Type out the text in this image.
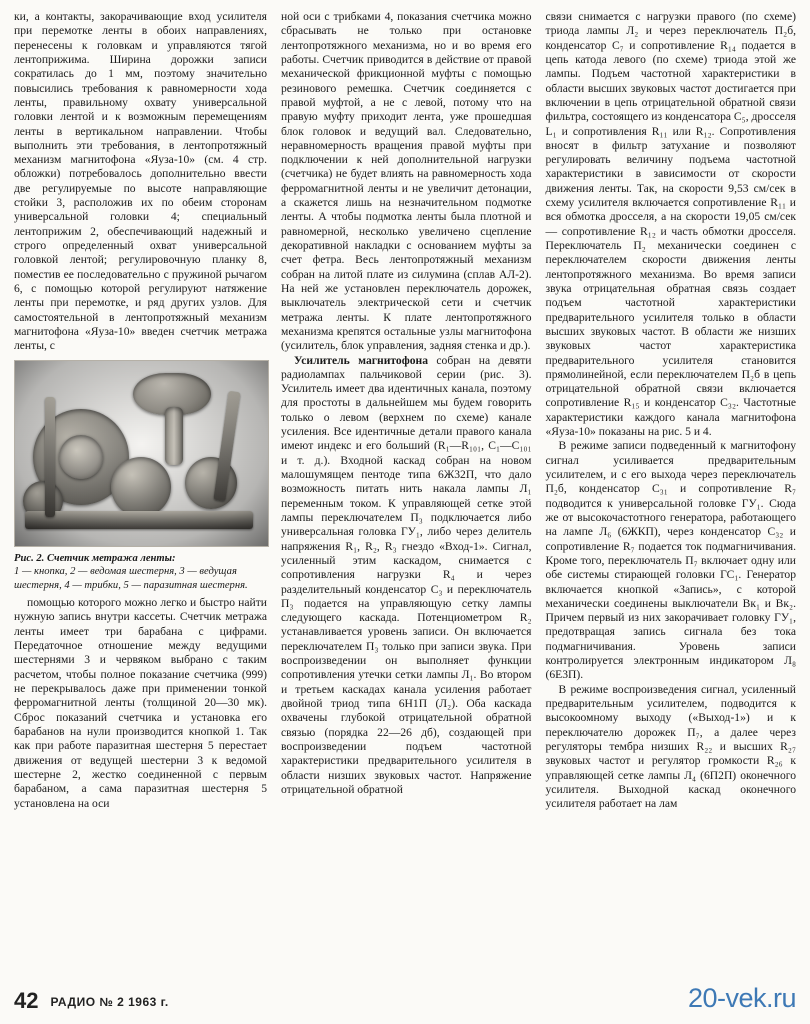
ки, а контакты, закорачивающие вход усилителя при перемотке ленты в обоих направлениях, перенесены к головкам и управляются тягой лентоприжима. Ширина дорожки записи сократилась до 1 мм, поэтому значительно повысились требования к равномерности хода ленты, правильному охвату универсальной головки лентой и к возможным перемещениям ленты в вертикальном направлении. Чтобы выполнить эти требования, в лентопротяжный механизм магнитофона «Яуза-10» (см. 4 стр. обложки) потребовалось дополнительно ввести две регулируемые по высоте направляющие стойки 3, расположив их по обеим сторонам универсальной головки 4; специальный лентоприжим 2, обеспечивающий надежный и строго определенный охват универсальной головкой лентой; регулировочную планку 8, поместив ее последовательно с пружиной рычагом 6, с помощью которой регулируют натяжение ленты при перемотке, и ряд других узлов. Для самостоятельной в лентопротяжный механизм магнитофона «Яуза-10» введен счетчик метража ленты, с

Рис. 2. Счетчик метража ленты:
1 — кнопка, 2 — ведомая шестерня, 3 — ведущая шестерня, 4 — трибки, 5 — паразитная шестерня.

помощью которого можно легко и быстро найти нужную запись внутри кассеты. Счетчик метража ленты имеет три барабана с цифрами. Передаточное отношение между ведущими шестернями 3 и червяком выбрано с таким расчетом, чтобы полное показание счетчика (999) не перекрывалось даже при применении тонкой ферромагнитной ленты (толщиной 20—30 мк). Сброс показаний счетчика и установка его барабанов на нули производится кнопкой 1. Так как при работе паразитная шестерня 5 перестает движения от ведущей шестерни 3 к ведомой шестерне 2, жестко соединенной с первым барабаном, а сама паразитная шестерня 5 установлена на оси

ной оси с трибками 4, показания счетчика можно сбрасывать не только при остановке лентопротяжного механизма, но и во время его работы. Счетчик приводится в действие от правой механической фрикционной муфты с помощью резинового ремешка. Счетчик соединяется с правой муфтой, а не с левой, потому что на правую муфту приходит лента, уже прошедшая блок головок и ведущий вал. Следовательно, неравномерность вращения правой муфты при подключении к ней дополнительной нагрузки (счетчика) не будет влиять на равномерность хода ферромагнитной ленты и не увеличит детонации, а скажется лишь на незначительном подмотке ленты. А чтобы подмотка ленты была плотной и равномерной, несколько увеличено сцепление декоративной накладки с основанием муфты за счет фетра. Весь лентопротяжный механизм собран на литой плате из силумина (сплав АЛ-2). На ней же установлен переключатель дорожек, выключатель электрической сети и счетчик метража ленты. К плате лентопротяжного механизма крепятся остальные узлы магнитофона (усилитель, блок управления, задняя стенка и др.).

Усилитель магнитофона собран на девяти радиолампах пальчиковой серии (рис. 3). Усилитель имеет два идентичных канала, поэтому для простоты в дальнейшем мы будем говорить только о левом (верхнем по схеме) канале усиления. Все идентичные детали правого канала имеют индекс и его больший (R₁—R₁₀₁, C₁—C₁₀₁ и т. д.). Входной каскад собран на новом малошумящем пентоде типа 6Ж32П, что дало возможность питать нить накала лампы Л₁ переменным током. К управляющей сетке этой лампы переключателем П₃ подключается либо универсальная головка ГУ₁, либо через делитель напряжения R₁, R₂, R₃ гнездо «Вход-1». Сигнал, усиленный этим каскадом, снимается с сопротивления нагрузки R₄ и через разделительный конденсатор C₃ и переключатель П₃ подается на управляющую сетку лампы следующего каскада. Потенциометром R₂ устанавливается уровень записи. Он включается переключателем П₃ только при записи звука. При воспроизведении он выполняет функции сопротивления утечки сетки лампы Л₁. Во втором и третьем каскадах канала усиления работает двойной триод типа 6Н1П (Л₂). Оба каскада охвачены глубокой отрицательной обратной связью (порядка 22—26 дб), создающей при воспроизведении подъем частотной характеристики предварительного усилителя в области низших звуковых частот. Напряжение отрицательной обратной

связи снимается с нагрузки правого (по схеме) триода лампы Л₂ и через переключатель П₂б, конденсатор C₇ и сопротивление R₁₄ подается в цепь катода левого (по схеме) триода этой же лампы. Подъем частотной характеристики в области высших звуковых частот достигается при включении в цепь отрицательной обратной связи фильтра, состоящего из конденсатора C₅, дросселя L₁ и сопротивления R₁₁ или R₁₂. Сопротивления вносят в фильтр затухание и позволяют регулировать величину подъема частотной характеристики в зависимости от скорости движения ленты. Так, на скорости 9,53 см/сек в схему усилителя включается сопротивление R₁₁ и вся обмотка дросселя, а на скорости 19,05 см/сек — сопротивление R₁₂ и часть обмотки дросселя. Переключатель П₂ механически соединен с переключателем скорости движения ленты лентопротяжного механизма. Во время записи звука отрицательная обратная связь создает подъем частотной характеристики предварительного усилителя только в области высших звуковых частот. В области же низших звуковых частот характеристика предварительного усилителя становится прямолинейной, если переключателем П₂б в цепь отрицательной обратной связи включается сопротивление R₁₅ и конденсатор C₃₂. Частотные характеристики каждого канала магнитофона «Яуза-10» показаны на рис. 5 и 4.

В режиме записи подведенный к магнитофону сигнал усиливается предварительным усилителем, и с его выхода через переключатель П₂б, конденсатор C₃₁ и сопротивление R₇ подводится к универсальной головке ГУ₁. Сюда же от высокочастотного генератора, работающего на лампе Л₆ (6ЖКП), через конденсатор C₃₂ и сопротивление R₇ подается ток подмагничивания. Кроме того, переключатель П₇ включает одну или обе системы стирающей головки ГС₁. Генератор включается кнопкой «Запись», с которой механически соединены выключатели Вк₁ и Вк₂. Причем первый из них закорачивает головку ГУ₁, предотвращая запись сигнала без тока подмагничивания. Уровень записи контролируется электронным индикатором Л₈ (6Е3П).

В режиме воспроизведения сигнал, усиленный предварительным усилителем, подводится к высокоомному выходу («Выход-1») и к переключателю дорожек П₇, а далее через регуляторы тембра низших R₂₂ и высших R₂₇ звуковых частот и регулятор громкости R₂₆ к управляющей сетке лампы Л₄ (6П2П) оконечного усилителя. Выходной каскад оконечного усилителя работает на лам

42 РАДИО № 2 1963 г.	20-vek.ru
